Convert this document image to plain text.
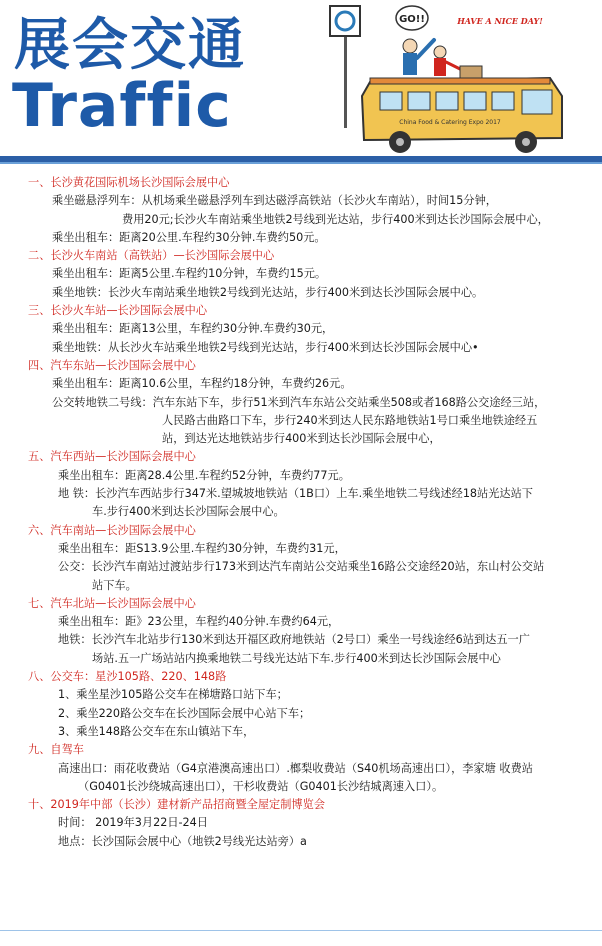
展会交通
Traffic
GO!!	HAVE A NICE DAY!
China Food & Catering Expo 2017
一、长沙黄花国际机场长沙国际会展中心
乘坐磁悬浮列车：从机场乘坐磁悬浮列车到达磁浮高铁站（长沙火车南站），时间15分钟，
费用20元;长沙火车南站乘坐地铁2号线到光达站，步行400米到达长沙国际会展中心，
乘坐出租车：距离20公里.车程约30分钟.车费约50元。
二、长沙火车南站（高铁站）—长沙国际会展中心
乘坐出租车：距离5公里.车程约10分钟，车费约15元。
乘坐地铁：长沙火车南站乘坐地铁2号线到光达站，步行400米到达长沙国际会展中心。
三、长沙火车站—长沙国际会展中心
乘坐出租车：距离13公里，车程约30分钟.车费约30元，
乘坐地铁：从长沙火车站乘坐地铁2号线到光达站，步行400米到达长沙国际会展中心•
四、汽车东站—长沙国际会展中心
乘坐出租车：距离10.6公里，车程约18分钟，车费约26元。
公交转地铁二号线：汽车东站下车，步行51米到汽车东站公交站乘坐508或者168路公交途经三站，
人民路古曲路口下车，步行240米到达人民东路地铁站1号口乘坐地铁途经五
站，到达光达地铁站步行400米到达长沙国际会展中心，
五、汽车西站—长沙国际会展中心
乘坐出租车：距离28.4公里.车程约52分钟，车费约77元。
地 铁：长沙汽车西站步行347米.望城坡地铁站（1B口）上车.乘坐地铁二号线述经18站光达站下
车.步行400米到达长沙国际会展中心。
六、汽车南站—长沙国际会展中心
乘坐出租车：距S13.9公里.车程约30分钟，车费约31元，
公交：长沙汽车南站过渡站步行173米到达汽车南站公交站乘坐16路公交途经20站，东山村公交站
站下车。
七、汽车北站—长沙国际会展中心
乘坐出租车：距》23公里，车程约40分钟.车费约64元，
地铁：长沙汽车北站步行130米到达开福区政府地铁站（2号口）乘坐一号线途经6站到达五一广
场站.五一广场站站内换乘地铁二号线光达站下车.步行400米到达长沙国际会展中心
八、公交车：星沙105路、220、148路
1、乘坐星沙105路公交车在梯塘路口站下车；
2、乘坐220路公交车在长沙国际会展中心站下车；
3、乘坐148路公交车在东山镇站下车，
九、自驾车
高速出口：雨花收费站（G4京港澳高速出口）.榔梨收费站（S40机场高速出口），李家塘 收费站
（G0401长沙绕城高速出口），干杉收费站（G0401长沙结城离速入口）。
十、2019年中部（长沙）建材新产品招商暨全屋定制博览会
时间： 2019年3月22日-24日
地点：长沙国际会展中心（地铁2号线光达站旁）a
